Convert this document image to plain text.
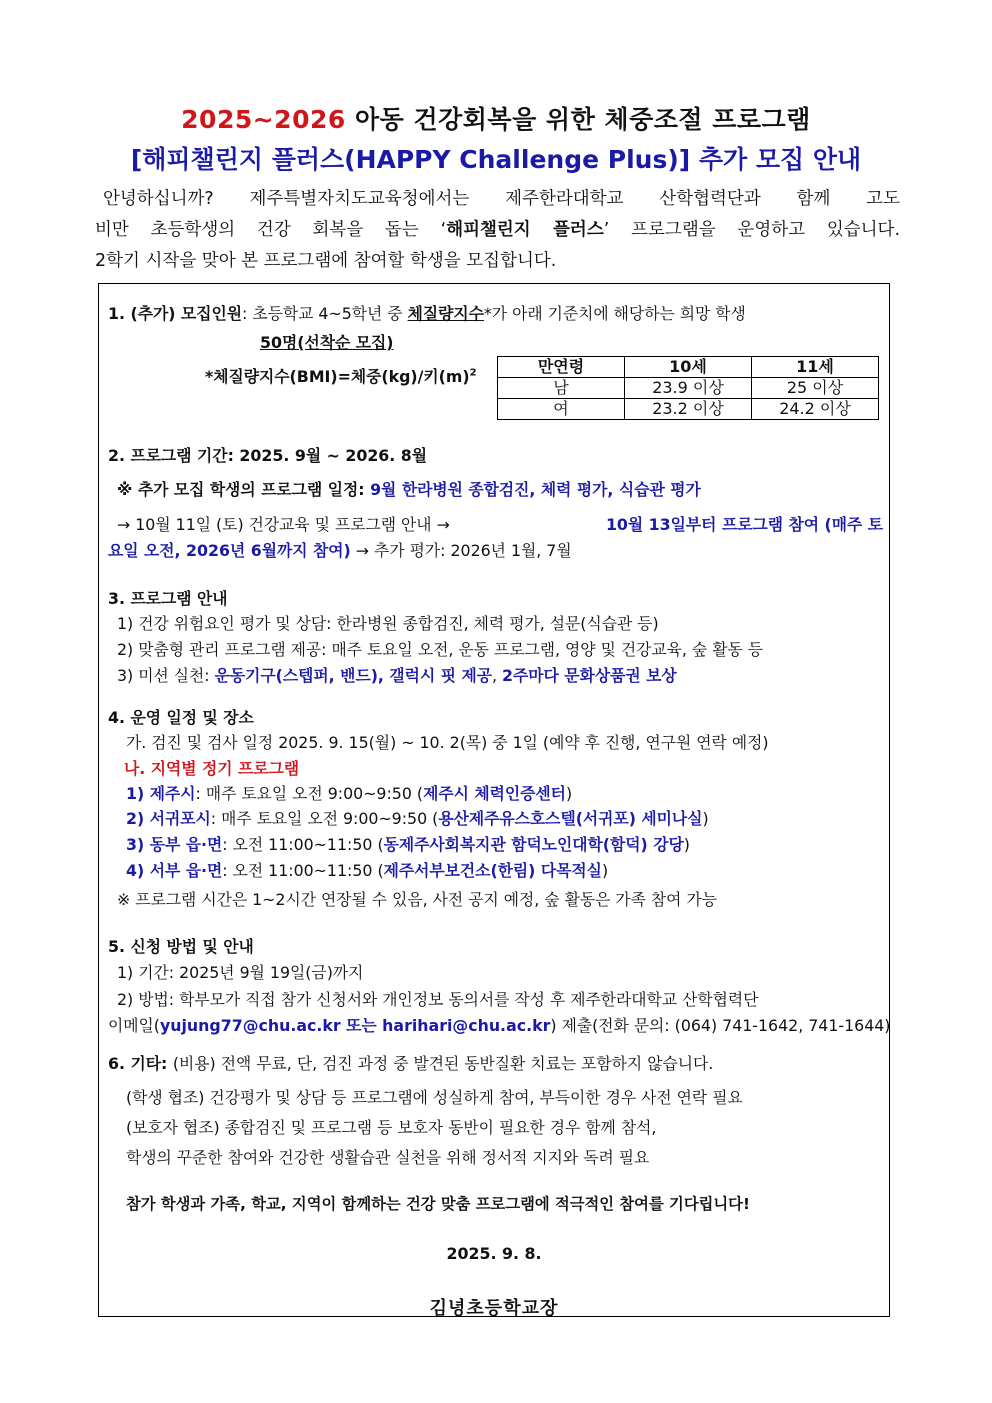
2025~2026 아동 건강회복을 위한 체중조절 프로그램
[해피챌린지 플러스(HAPPY Challenge Plus)] 추가 모집 안내

안녕하십니까? 제주특별자치도교육청에서는 제주한라대학교 산학협력단과 함께 고도

비만 초등학생의 건강 회복을 돕는 ‘해피챌린지 플러스’ 프로그램을 운영하고 있습니다.

2학기 시작을 맞아 본 프로그램에 참여할 학생을 모집합니다.

1. (추가) 모집인원: 초등학교 4~5학년 중 체질량지수*가 아래 기준치에 해당하는 희망 학생
50명(선착순 모집)
*체질량지수(BMI)=체중(kg)/키$(m)^2$	만연령	10세	11세
남	23.9 이상	25 이상
여	23.2 이상	24.2 이상
2. 프로그램 기간: 2025. 9월 ~ 2026. 8월
※ 추가 모집 학생의 프로그램 일정: 9월 한라병원 종합검진, 체력 평가, 식습관 평가
→ 10월 11일 (토) 건강교육 및 프로그램 안내 →	10월 13일부터 프로그램 참여 (매주 토
요일 오전, 2026년 6월까지 참여) → 추가 평가: 2026년 1월, 7월
3. 프로그램 안내
1) 건강 위험요인 평가 및 상담: 한라병원 종합검진, 체력 평가, 설문(식습관 등)
2) 맞춤형 관리 프로그램 제공: 매주 토요일 오전, 운동 프로그램, 영양 및 건강교육, 숲 활동 등
3) 미션 실천: 운동기구(스텝퍼, 밴드), 갤럭시 핏 제공, 2주마다 문화상품권 보상
4. 운영 일정 및 장소
가. 검진 및 검사 일정 2025. 9. 15(월) ~ 10. 2(목) 중 1일 (예약 후 진행, 연구원 연락 예정)
나. 지역별 정기 프로그램
1) 제주시: 매주 토요일 오전 9:00~9:50 (제주시 체력인증센터)
2) 서귀포시: 매주 토요일 오전 9:00~9:50 (용산제주유스호스텔(서귀포) 세미나실)
3) 동부 읍·면: 오전 11:00~11:50 (동제주사회복지관 함덕노인대학(함덕) 강당)
4) 서부 읍·면: 오전 11:00~11:50 (제주서부보건소(한림) 다목적실)
※ 프로그램 시간은 1~2시간 연장될 수 있음, 사전 공지 예정, 숲 활동은 가족 참여 가능
5. 신청 방법 및 안내
1) 기간: 2025년 9월 19일(금)까지
2) 방법: 학부모가 직접 참가 신청서와 개인정보 동의서를 작성 후 제주한라대학교 산학협력단
이메일(yujung77@chu.ac.kr 또는 harihari@chu.ac.kr) 제출(전화 문의: (064) 741-1642, 741-1644)
6. 기타: (비용) 전액 무료, 단, 검진 과정 중 발견된 동반질환 치료는 포함하지 않습니다.
(학생 협조) 건강평가 및 상담 등 프로그램에 성실하게 참여, 부득이한 경우 사전 연락 필요
(보호자 협조) 종합검진 및 프로그램 등 보호자 동반이 필요한 경우 함께 참석,
학생의 꾸준한 참여와 건강한 생활습관 실천을 위해 정서적 지지와 독려 필요
참가 학생과 가족, 학교, 지역이 함께하는 건강 맞춤 프로그램에 적극적인 참여를 기다립니다!
2025. 9. 8.
김녕초등학교장
